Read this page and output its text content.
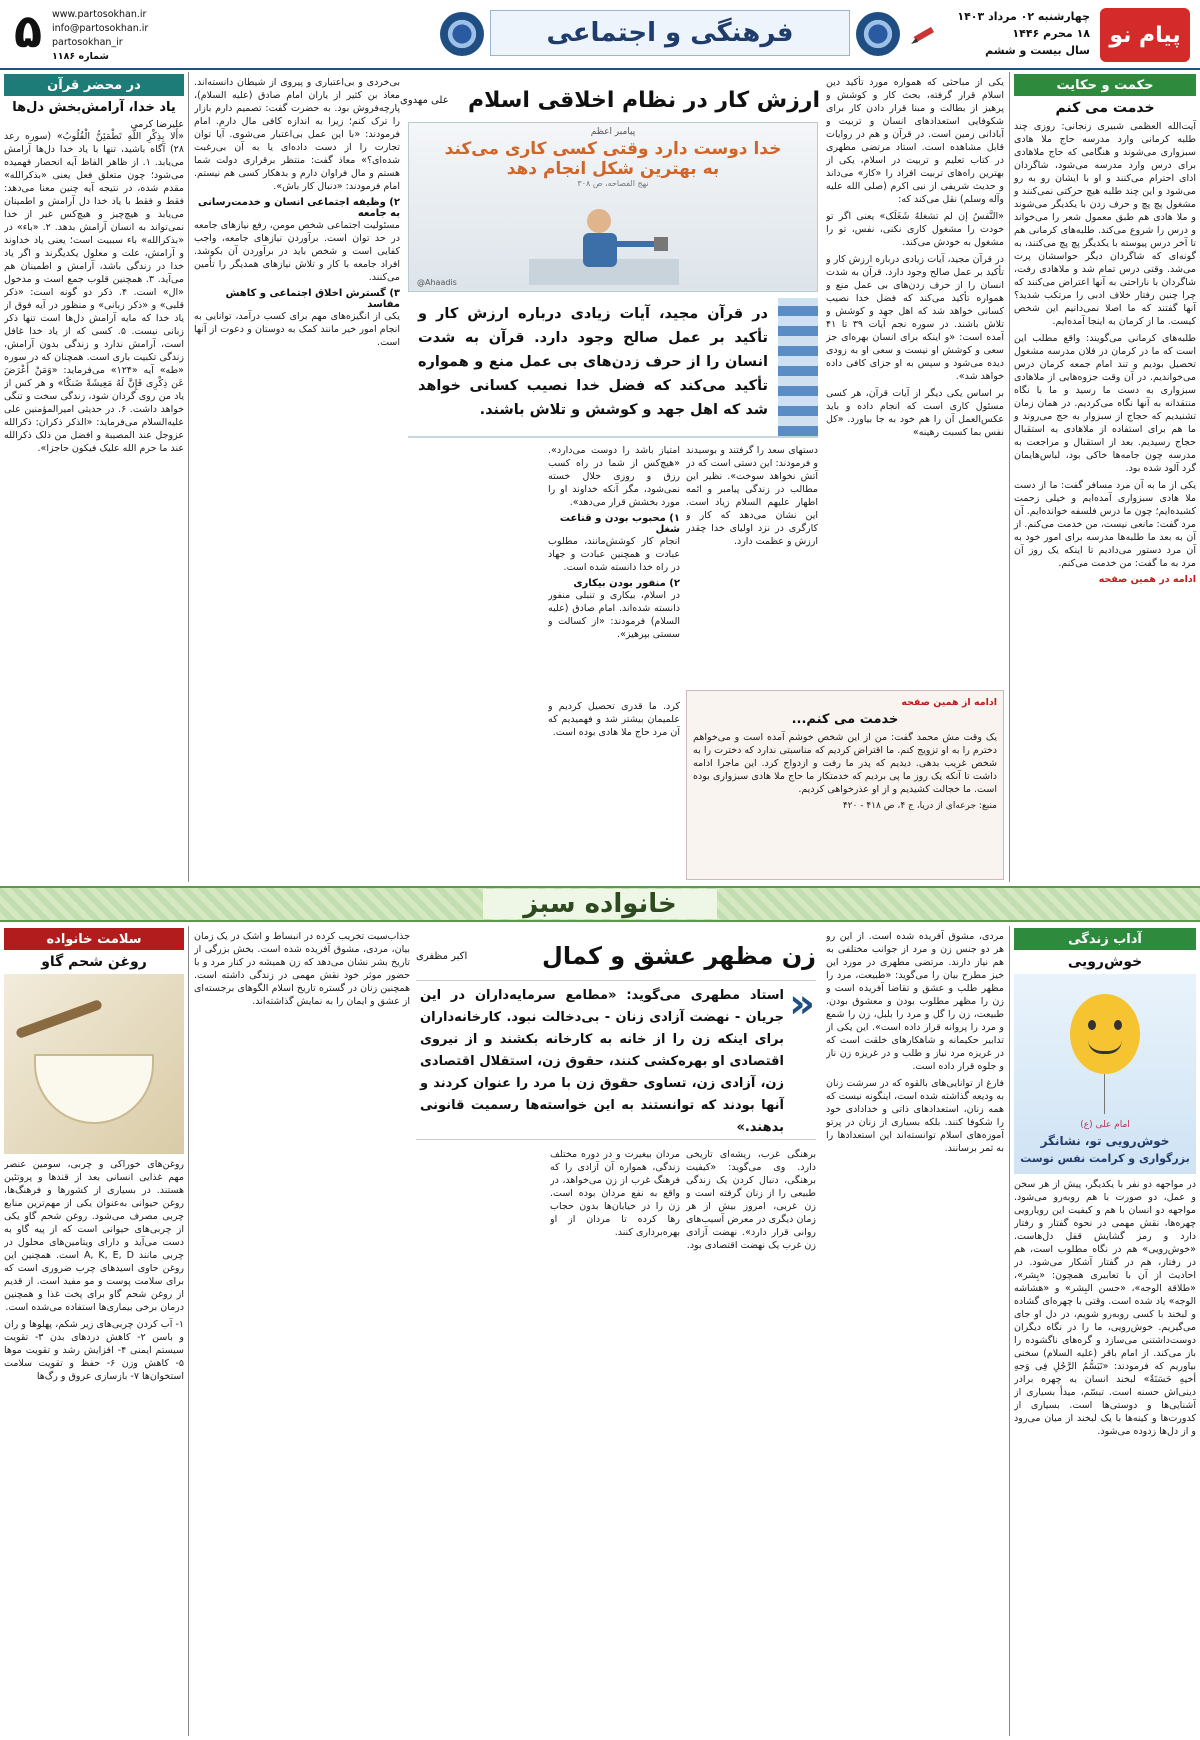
پیام نو
چهارشنبه ۰۲ مرداد ۱۴۰۳
۱۸ محرم ۱۴۴۶
سال بیست و ششم
فرهنگی و اجتماعی
www.partosokhan.ir
info@partosokhan.ir
partosokhan_ir
شماره ۱۱۸۶
۵
حکمت و حکایت
خدمت می کنم
آیت‌الله العظمی شبیری زنجانی: روزی چند طلبه کرمانی وارد مدرسه حاج ملا هادی سبزواری می‌شوند و هنگامی که حاج ملاهادی برای درس وارد مدرسه می‌شود، شاگردان ادای احترام می‌کنند و او با ایشان رو به رو می‌شود و این چند طلبه هیچ حرکتی نمی‌کنند و مشغول پچ پچ و حرف زدن با یکدیگر می‌شوند و ملا هادی هم طبق معمول شعر را می‌خواند و درس را شروع می‌کند. طلبه‌های کرمانی هم تا آخر درس پیوسته با یکدیگر پچ پچ می‌کنند، به گونه‌ای که شاگردان دیگر حواسشان پرت می‌شد. وقتی درس تمام شد و ملاهادی رفت، شاگردان با ناراحتی به آنها اعتراض می‌کنند که چرا چنین رفتار خلاف ادبی را مرتکب شدید؟ آنها گفتند که ما اصلا نمی‌دانیم این شخص کیست. ما از کرمان به اینجا آمده‌ایم.
طلبه‌های کرمانی می‌گویند: واقع مطلب این است که ما در کرمان در فلان مدرسه مشغول تحصیل بودیم و تند امام جمعه کرمان درس می‌خواندیم. در آن وقت جزوه‌هایی از ملاهادی سبزواری به دست ما رسید و ما با نگاه منتقدانه به آنها نگاه می‌کردیم. در همان زمان تشنیدیم که حجاج از سبزوار به حج می‌روند و ما هم برای استفاده از ملاهادی به استقبال حجاج رسیدیم. بعد از استقبال و مراجعت به مدرسه چون جامه‌ها خاکی بود، لباس‌هایمان گرد آلود شده بود.
یکی از ما به آن مرد مسافر گفت: ما از دست ملا هادی سبزواری آمده‌ایم و خیلی زحمت کشیده‌ایم؛ چون ما درس فلسفه خوانده‌ایم. آن مرد گفت: مانعی نیست، من خدمت می‌کنم. از آن به بعد ما طلبه‌ها مدرسه برای امور خود به آن مرد دستور می‌دادیم تا اینکه یک روز آن مرد به ما گفت: من خدمت می‌کنم.
ادامه در همین صفحه
یکی از مباحثی که همواره مورد تأکید دین اسلام قرار گرفته، بحث کار و کوشش و پرهیز از بطالت و مبنا قرار دادن کار برای شکوفایی استعدادهای انسان و تربیت و آبادانی زمین است. در قرآن و هم در روایات قابل مشاهده است. استاد مرتضی مطهری در کتاب تعلیم و تربیت در اسلام، یکی از بهترین راه‌های تربیت افراد را «کار» می‌داند و حدیث شریفی از نبی اکرم (صلی الله علیه وآله وسلم) نقل می‌کند که:
«النَّفسُ إن لم تشغلهُ شَغَلَک» یعنی اگر تو خودت را مشغول کاری نکنی، نفس، تو را مشغول به خودش می‌کند.
در قرآن مجید، آیات زیادی درباره ارزش کار و تأکید بر عمل صالح وجود دارد. قرآن به شدت انسان را از حرف زدن‌های بی عمل منع و همواره تأکید می‌کند که فضل خدا نصیب کسانی خواهد شد که اهل جهد و کوشش و تلاش باشند. در سوره نجم آیات ۳۹ تا ۴۱ آمده است: «و اینکه برای انسان بهره‌ای جز سعی و کوشش او نیست و سعی او به زودی دیده می‌شود و سپس به او جزای کافی داده خواهد شد».
بر اساس یکی دیگر از آیات قرآن، هر کسی مسئول کاری است که انجام داده و باید عکس‌العمل آن را هم خود به جا بیاورد. «کل نفس بما کسبت رهینه»
ارزش کار در نظام اخلاقی اسلام
علی مهدوی
پیامبر اعظم
خدا دوست دارد وقتی کسی کاری می‌کند
به بهترین شکل انجام دهد
نهج الفصاحه، ص ۳۰۸
@Ahaadis
در قرآن مجید، آیات زیادی درباره ارزش کار و تأکید بر عمل صالح وجود دارد. قرآن به شدت انسان را از حرف زدن‌های بی عمل منع و همواره تأکید می‌کند که فضل خدا نصیب کسانی خواهد شد که اهل جهد و کوشش و تلاش باشند.
دستهای سعد را گرفتند و بوسیدند و فرمودند: این دستی است که در آتش نخواهد سوخت». نظیر این مطالب در زندگی پیامبر و ائمه اطهار علیهم السلام زیاد است. این نشان می‌دهد که کار و کارگری در نزد اولیای خدا چقدر ارزش و عظمت دارد.
امتیاز باشد را دوست می‌دارد». «هیچ‌کس از شما در راه کسب رزق و روزی حلال خسته نمی‌شود، مگر آنکه خداوند او را مورد بخشش قرار می‌دهد».
۱) محبوب بودن و قناعت شغل
انجام کار کوشش‌مانند، مطلوب عبادت و همچنین عبادت و جهاد در راه خدا دانسته شده است.
۲) منفور بودن بیکاری
در اسلام، بیکاری و تنبلی منفور دانسته شده‌اند. امام صادق (علیه السلام) فرمودند: «از کسالت و سستی بپرهیز».
بی‌خردی و بی‌اعتباری و پیروی از شیطان دانسته‌اند. معاذ بن کثیر از یاران امام صادق (علیه السلام)، پارچه‌فروش بود. به حضرت گفت: تصمیم دارم بازار را ترک کنم؛ زیرا به اندازه کافی مال دارم. امام فرمودند: «با این عمل بی‌اعتبار می‌شوی. آیا توان تجارت را از دست داده‌ای یا به آن بی‌رغبت شده‌ای؟» معاذ گفت: منتظر برقراری دولت شما هستم و مال فراوان دارم و بدهکار کسی هم نیستم. امام فرمودند: «دنبال کار باش».
۲) وظیفه اجتماعی انسان و خدمت‌رسانی به جامعه
مسئولیت اجتماعی شخص مومن، رفع نیازهای جامعه در حد توان است. برآوردن نیازهای جامعه، واجب کفایی است و شخص باید در برآوردن آن بکوشد. افراد جامعه با کار و تلاش نیازهای همدیگر را تأمین می‌کنند.
۳) گسترش اخلاق اجتماعی و کاهش مفاسد
یکی از انگیزه‌های مهم برای کسب درآمد، توانایی به انجام امور خیر مانند کمک به دوستان و دعوت از آنها است.
ادامه از همین صفحه
خدمت می کنم...
یک وقت مش محمد گفت: من از این شخص خوشم آمده است و می‌خواهم دخترم را به او تزویج کنم. ما اقتراض کردیم که مناسبتی ندارد که دخترت را به شخص غریب بدهی. دیدیم که پدر ما رفت و ازدواج کرد. این ماجرا ادامه داشت تا آنکه یک روز ما پی بردیم که خدمتکار ما حاج ملا هادی سبزواری بوده است. ما خجالت کشیدیم و از او عذرخواهی کردیم.
منبع: جرعه‌ای از دریا، ج ۴، ص ۴۱۸ - ۴۲۰
کرد. ما قدری تحصیل کردیم و علمیمان بیشتر شد و فهمیدیم که آن مرد حاج ملا هادی بوده است.
در محضر قرآن
یاد خدا، آرامش‌بخش دل‌ها
علیرضا کرمی
«أَلا بِذِکْرِ اللَّهِ تَطْمَئِنُّ الْقُلُوبُ» (سوره رعد ۲۸) آگاه باشید، تنها با یاد خدا دل‌ها آرامش می‌یابد. ۱. از ظاهر الفاظ آیه انحصار فهمیده می‌شود؛ چون متعلق فعل یعنی «بذکرالله» مقدم شده، در نتیجه آیه چنین معنا می‌دهد: فقط و فقط با یاد خدا دل آرامش و اطمینان می‌یابد و هیچ‌چیز و هیچ‌کس غیر از خدا نمی‌تواند به انسان آرامش بدهد. ۲. «باء» در «بذکرالله» باء سببیت است؛ یعنی یاد خداوند و آرامش، علت و معلول یکدیگرند و اگر یاد خدا در زندگی باشد، آرامش و اطمینان هم می‌آید. ۳. همچنین قلوب جمع است و مدخول «ال» است. ۴. ذکر دو گونه است: «ذکر قلبی» و «ذکر زبانی» و منظور در آیه فوق از یاد خدا که مایه آرامش دل‌ها است تنها ذکر زبانی نیست. ۵. کسی که از یاد خدا غافل است، آرامش ندارد و زندگی بدون آرامش، زندگی تکبیت باری است. همچنان که در سوره «طه» آیه «۱۲۴» می‌فرماید: «وَمَنْ أَعْرَضَ عَن ذِکْرِی فَإِنَّ لَهُ مَعِیشَةً ضَنکًا» و هر کس از یاد من روی گردان شود، زندگی سخت و تنگی خواهد داشت. ۶. در حدیثی امیرالمؤمنین علی علیه‌السلام می‌فرماید: «الذکر ذکران: ذکرالله عزوجل عند المصیبة و افضل من ذلک ذکرالله عند ما حرم الله علیک فیکون حاجزا».
خانواده سبز
آداب زندگی
خوش‌رویی
امام علی (ع)
خوش‌رویی تو، نشانگر
بزرگواری و کرامت نفس توست
در مواجهه دو نفر با یکدیگر، پیش از هر سخن و عمل، دو صورت با هم روبه‌رو می‌شود. مواجهه دو انسان با هم و کیفیت این رویارویی چهره‌ها، نقش مهمی در نحوه گفتار و رفتار دارد و رمز گشایش قفل دل‌هاست. «خوش‌رویی» هم در نگاه مطلوب است، هم در رفتار، هم در گفتار آشکار می‌شود. در احادیث از آن با تعابیری همچون: «بِشر»، «طلاقة الوجه»، «حسن البِشر» و «هشاشه الوجه» یاد شده است. وقتی با چهره‌ای گشاده و لبخند با کسی روبه‌رو شویم، در دل او جای می‌گیریم. خوش‌رویی، ما را در نگاه دیگران دوست‌داشتنی می‌سازد و گره‌های ناگشوده را باز می‌کند. از امام باقر (علیه السلام) سخنی بیاوریم که فرمودند: «تَبَسُّمُ الرَّجُلِ فِی وَجهِ أخیهِ حَسَنَةٌ» لبخند انسان به چهره برادر دینی‌اش حسنه است. تبسّم، میدأ بسیاری از آشنایی‌ها و دوستی‌ها است. بسیاری از کدورت‌ها و کینه‌ها با یک لبخند از میان می‌رود و از دل‌ها زدوده می‌شود.
مردی، مشوق آفریده شده است. از این رو هر دو جنس زن و مرد از جوانب مختلفی به هم نیاز دارند. مرتضی مطهری در مورد این خیز مطرح بیان را می‌گوید: «طبیعت، مرد را مظهر طلب و عشق و تقاضا آفریده است و زن را مظهر مطلوب بودن و معشوق بودن. طبیعت، زن را گل و مرد را بلبل، زن را شمع و مرد را پروانه قرار داده است». این یکی از تدابیر حکیمانه و شاهکارهای خلقت است که در غریزه مرد نیاز و طلب و در غریزه زن ناز و جلوه قرار داده است.
فارغ از توانایی‌های بالقوه که در سرشت زنان به ودیعه گذاشته شده است، اینگونه نیست که همه زنان، استعدادهای ذاتی و خدادادی خود را شکوفا کنند. بلکه بسیاری از زنان در پرتو آموزه‌های اسلام توانسته‌اند این استعدادها را به ثمر برسانند.
زن مظهر عشق و کمال
اکبر مظفری
«
استاد مطهری می‌گوید: «مطامع سرمایه‌داران در این جریان - نهضت آزادی زنان - بی‌دخالت نبود. کارخانه‌داران برای اینکه زن را از خانه به کارخانه بکشند و از نیروی اقتصادی او بهره‌کشی کنند، حقوق زن، استقلال اقتصادی زن، آزادی زن، تساوی حقوق زن با مرد را عنوان کردند و آنها بودند که توانستند به این خواسته‌ها رسمیت قانونی بدهند.»
برهنگی غرب، ریشه‌ای تاریخی دارد. وی می‌گوید: «کیفیت برهنگی، دنبال کردن یک زندگی طبیعی را از زنان گرفته است و زن غربی، امروز بیش از هر زمان دیگری در معرض آسیب‌های روانی قرار دارد». نهضت آزادی زن غرب یک نهضت اقتصادی بود.
مردان بیغیرت و در دوره مختلف زندگی، همواره آن آزادی را که فرهنگ غرب از زن می‌خواهد، در واقع به نفع مردان بوده است. زن را در خیابان‌ها بدون حجاب رها کرده تا مردان از او بهره‌برداری کنند.
جذاب‌سیت تخریب کرده در انبساط و اشک در یک زمان بیان، مردی، مشوق آفریده شده است. بخش بزرگی از تاریخ بشر نشان می‌دهد که زن همیشه در کنار مرد و با حضور موثر خود نقش مهمی در زندگی داشته است. همچنین زنان در گستره تاریخ اسلام الگوهای برجسته‌ای از عشق و ایمان را به نمایش گذاشته‌اند.
سلامت خانواده
روغن شحم گاو
روغن‌های خوراکی و چربی، سومین عنصر مهم غذایی انسانی بعد از قندها و پروتئین هستند. در بسیاری از کشورها و فرهنگ‌ها، روغن حیوانی به‌عنوان یکی از مهم‌ترین منابع چربی مصرف می‌شود. روغن شحم گاو یکی از چربی‌های حیوانی است که از پیه گاو به دست می‌آید و دارای ویتامین‌های محلول در چربی مانند A, K, E, D است. همچنین این روغن حاوی اسیدهای چرب ضروری است که برای سلامت پوست و مو مفید است. از قدیم از روغن شحم گاو برای پخت غذا و همچنین درمان برخی بیماری‌ها استفاده می‌شده است.
۱- آب کردن چربی‌های زیر شکم، پهلوها و ران و باسن ۲- کاهش دردهای بدن ۳- تقویت سیستم ایمنی ۴- افزایش رشد و تقویت موها ۵- کاهش وزن ۶- حفظ و تقویت سلامت استخوان‌ها ۷- بازسازی عروق و رگ‌ها
